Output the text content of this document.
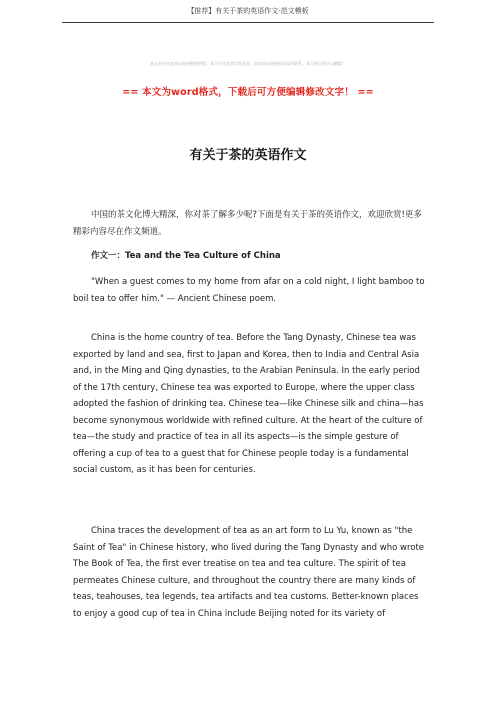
【推荐】有关于茶的英语作文-范文模板
本文部分内容来自网络整理所得，本司不为其真实性负责，如有异议或侵权请及时联系，本司将立即予以删除！
== 本文为word格式，下载后可方便编辑修改文字！ ==
有关于茶的英语作文

中国的茶文化博大精深，你对茶了解多少呢?下面是有关于茶的英语作文，欢迎欣赏!更多精彩内容尽在作文频道。

作文一：Tea and the Tea Culture of China

"When a guest comes to my home from afar on a cold night, I light bamboo to boil tea to offer him." — Ancient Chinese poem.

China is the home country of tea. Before the Tang Dynasty, Chinese tea was exported by land and sea, first to Japan and Korea, then to India and Central Asia and, in the Ming and Qing dynasties, to the Arabian Peninsula. In the early period of the 17th century, Chinese tea was exported to Europe, where the upper class adopted the fashion of drinking tea. Chinese tea—like Chinese silk and china—has become synonymous worldwide with refined culture. At the heart of the culture of tea—the study and practice of tea in all its aspects—is the simple gesture of offering a cup of tea to a guest that for Chinese people today is a fundamental social custom, as it has been for centuries.

China traces the development of tea as an art form to Lu Yu, known as "the Saint of Tea" in Chinese history, who lived during the Tang Dynasty and who wrote The Book of Tea, the first ever treatise on tea and tea culture. The spirit of tea permeates Chinese culture, and throughout the country there are many kinds of teas, teahouses, tea legends, tea artifacts and tea customs. Better-known places to enjoy a good cup of tea in China include Beijing noted for its variety of
